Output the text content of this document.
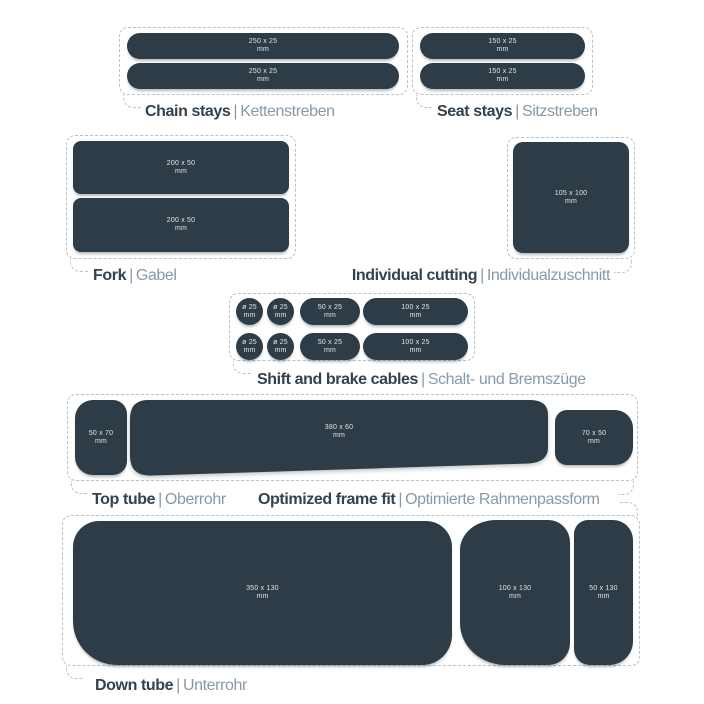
250 x 25
mm
250 x 25
mm
Chain stays | Kettenstreben
150 x 25
mm
150 x 25
mm
Seat stays | Sitzstreben
200 x 50
mm
200 x 50
mm
Fork | Gabel
105 x 100
mm
Individual cutting | Individualzuschnitt
ø 25
mm
ø 25
mm
50 x 25
mm
100 x 25
mm
ø 25
mm
ø 25
mm
50 x 25
mm
100 x 25
mm
Shift and brake cables | Schalt- und Bremszüge
50 x 70
mm
380 x 60
mm	70 x 50
mm
Top tube | Oberrohr Optimized frame fit | Optimierte Rahmenpassform
350 x 130
mm
100 x 130
mm
50 x 130
mm
Down tube | Unterrohr
